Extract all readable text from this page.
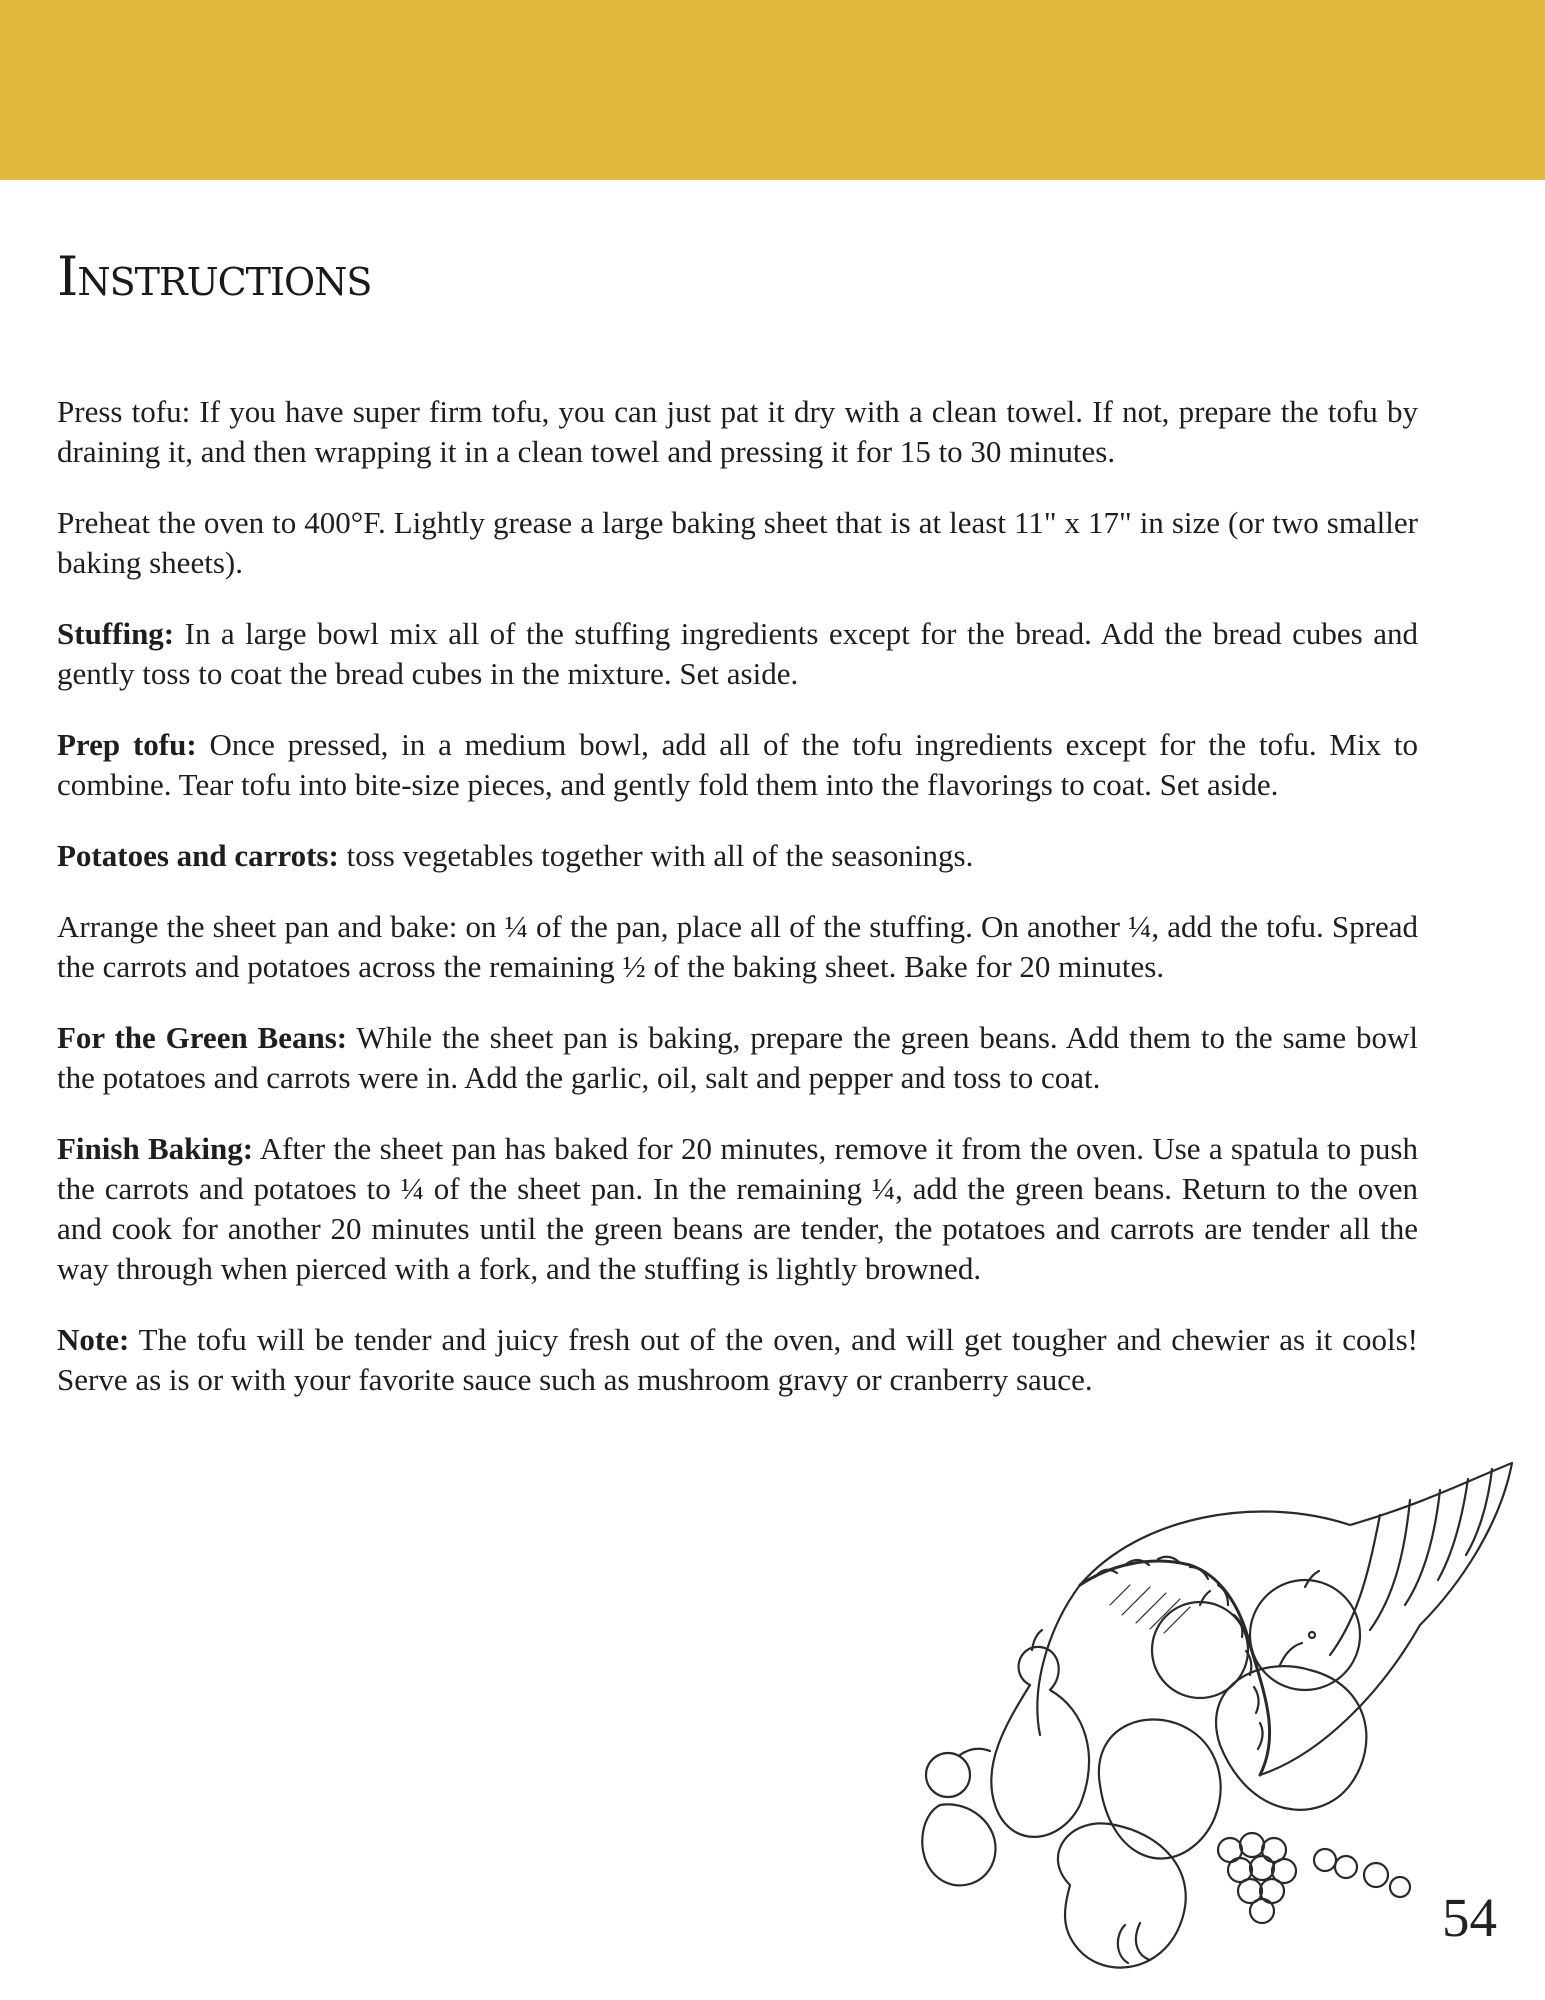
Instructions

Press tofu: If you have super firm tofu, you can just pat it dry with a clean towel. If not, prepare the tofu by draining it, and then wrapping it in a clean towel and pressing it for 15 to 30 minutes.

Preheat the oven to 400°F. Lightly grease a large baking sheet that is at least 11" x 17" in size (or two smaller baking sheets).

Stuffing: In a large bowl mix all of the stuffing ingredients except for the bread. Add the bread cubes and gently toss to coat the bread cubes in the mixture. Set aside.

Prep tofu: Once pressed, in a medium bowl, add all of the tofu ingredients except for the tofu. Mix to combine. Tear tofu into bite-size pieces, and gently fold them into the flavorings to coat. Set aside.

Potatoes and carrots: toss vegetables together with all of the seasonings.

Arrange the sheet pan and bake: on ¼ of the pan, place all of the stuffing. On another ¼, add the tofu. Spread the carrots and potatoes across the remaining ½ of the baking sheet. Bake for 20 minutes.

For the Green Beans: While the sheet pan is baking, prepare the green beans. Add them to the same bowl the potatoes and carrots were in. Add the garlic, oil, salt and pepper and toss to coat.

Finish Baking: After the sheet pan has baked for 20 minutes, remove it from the oven. Use a spatula to push the carrots and potatoes to ¼ of the sheet pan. In the remaining ¼, add the green beans. Return to the oven and cook for another 20 minutes until the green beans are tender, the potatoes and carrots are tender all the way through when pierced with a fork, and the stuffing is lightly browned.

Note: The tofu will be tender and juicy fresh out of the oven, and will get tougher and chewier as it cools! Serve as is or with your favorite sauce such as mushroom gravy or cranberry sauce.

54
